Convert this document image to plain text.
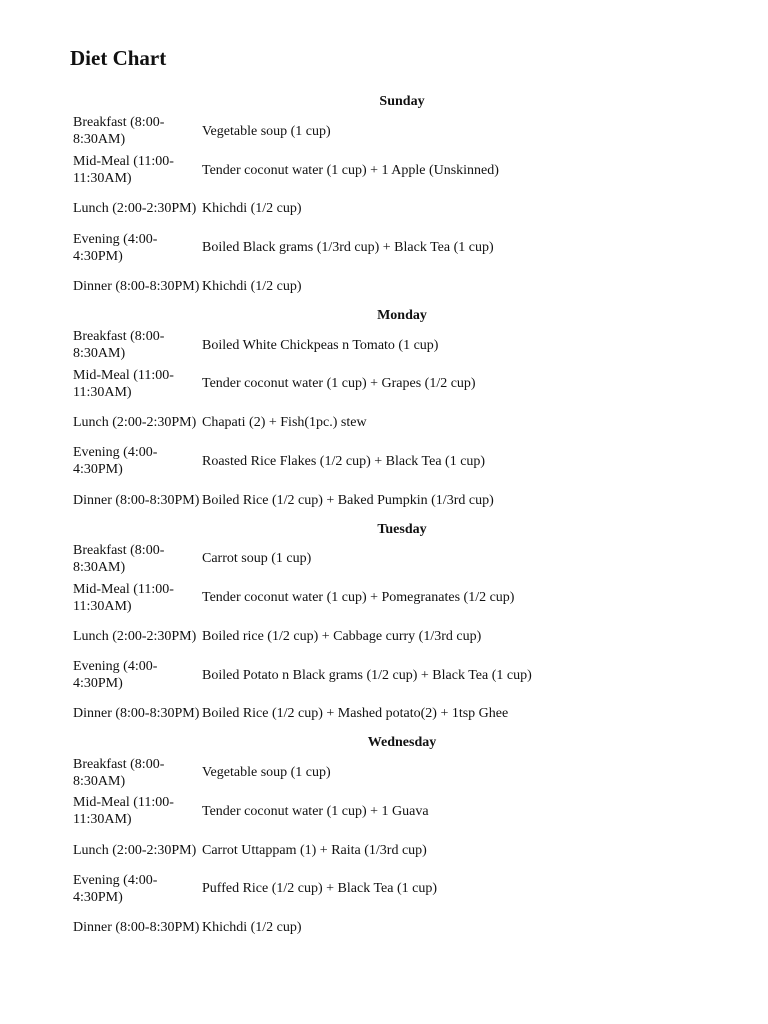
Diet Chart
Sunday
Breakfast (8:00-8:30AM)
Vegetable soup (1 cup)
Mid-Meal (11:00-11:30AM)
Tender coconut water (1 cup) + 1 Apple (Unskinned)
Lunch (2:00-2:30PM) Khichdi (1/2 cup)
Evening (4:00-4:30PM)
Boiled Black grams (1/3rd cup) + Black Tea (1 cup)
Dinner (8:00-8:30PM) Khichdi (1/2 cup)
Monday
Breakfast (8:00-8:30AM)
Boiled White Chickpeas n Tomato (1 cup)
Mid-Meal (11:00-11:30AM)
Tender coconut water (1 cup) + Grapes (1/2 cup)
Lunch (2:00-2:30PM) Chapati (2) + Fish(1pc.) stew
Evening (4:00-4:30PM)
Roasted Rice Flakes (1/2 cup) + Black Tea (1 cup)
Dinner (8:00-8:30PM) Boiled Rice (1/2 cup) + Baked Pumpkin (1/3rd cup)
Tuesday
Breakfast (8:00-8:30AM)
Carrot soup (1 cup)
Mid-Meal (11:00-11:30AM)
Tender coconut water (1 cup) + Pomegranates (1/2 cup)
Lunch (2:00-2:30PM) Boiled rice (1/2 cup) + Cabbage curry (1/3rd cup)
Evening (4:00-4:30PM)
Boiled Potato n Black grams (1/2 cup) + Black Tea (1 cup)
Dinner (8:00-8:30PM) Boiled Rice (1/2 cup) + Mashed potato(2) + 1tsp Ghee
Wednesday
Breakfast (8:00-8:30AM)
Vegetable soup (1 cup)
Mid-Meal (11:00-11:30AM)
Tender coconut water (1 cup) + 1 Guava
Lunch (2:00-2:30PM) Carrot Uttappam (1) + Raita (1/3rd cup)
Evening (4:00-4:30PM)
Puffed Rice (1/2 cup) + Black Tea (1 cup)
Dinner (8:00-8:30PM) Khichdi (1/2 cup)
